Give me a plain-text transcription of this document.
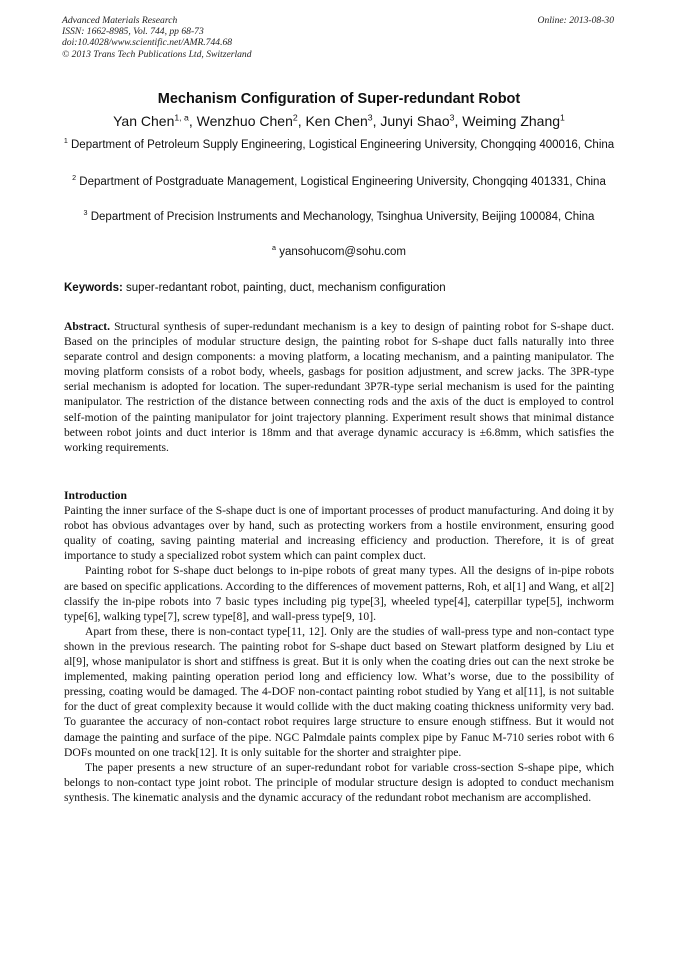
Advanced Materials Research
ISSN: 1662-8985, Vol. 744, pp 68-73
doi:10.4028/www.scientific.net/AMR.744.68
© 2013 Trans Tech Publications Ltd, Switzerland
Online: 2013-08-30
Mechanism Configuration of Super-redundant Robot
Yan Chen$^{1, a}$, Wenzhuo Chen$^2$, Ken Chen$^3$, Junyi Shao$^3$, Weiming Zhang$^1$
$^1$ Department of Petroleum Supply Engineering, Logistical Engineering University, Chongqing 400016, China
$^2$ Department of Postgraduate Management, Logistical Engineering University, Chongqing 401331, China
$^3$ Department of Precision Instruments and Mechanology, Tsinghua University, Beijing 100084, China
$^a$ yansohucom@sohu.com
Keywords: super-redantant robot, painting, duct, mechanism configuration

Abstract. Structural synthesis of super-redundant mechanism is a key to design of painting robot for S-shape duct. Based on the principles of modular structure design, the painting robot for S-shape duct falls naturally into three separate control and design components: a moving platform, a locating mechanism, and a painting manipulator. The moving platform consists of a robot body, wheels, gasbags for position adjustment, and screw jacks. The 3PR-type serial mechanism is adopted for location. The super-redundant 3P7R-type serial mechanism is used for the painting manipulator. The restriction of the distance between connecting rods and the axis of the duct is employed to control self-motion of the painting manipulator for joint trajectory planning. Experiment result shows that minimal distance between robot joints and duct interior is 18mm and that average dynamic accuracy is ±6.8mm, which satisfies the working requirements.

Introduction

Painting the inner surface of the S-shape duct is one of important processes of product manufacturing. And doing it by robot has obvious advantages over by hand, such as protecting workers from a hostile environment, ensuring good quality of coating, saving painting material and increasing efficiency and production. Therefore, it is of great importance to study a specialized robot system which can paint complex duct.

Painting robot for S-shape duct belongs to in-pipe robots of great many types. All the designs of in-pipe robots are based on specific applications. According to the differences of movement patterns, Roh, et al[1] and Wang, et al[2] classify the in-pipe robots into 7 basic types including pig type[3], wheeled type[4], caterpillar type[5], inchworm type[6], walking type[7], screw type[8], and wall-press type[9, 10].

Apart from these, there is non-contact type[11, 12]. Only are the studies of wall-press type and non-contact type shown in the previous research. The painting robot for S-shape duct based on Stewart platform designed by Liu et al[9], whose manipulator is short and stiffness is great. But it is only when the coating dries out can the next stroke be implemented, making painting operation period long and efficiency low. What’s worse, due to the possibility of pressing, coating would be damaged. The 4-DOF non-contact painting robot studied by Yang et al[11], is not suitable for the duct of great complexity because it would collide with the duct making coating thickness uniformity very bad. To guarantee the accuracy of non-contact robot requires large structure to ensure enough stiffness. But it would not damage the painting and surface of the pipe. NGC Palmdale paints complex pipe by Fanuc M-710 series robot with 6 DOFs mounted on one track[12]. It is only suitable for the shorter and straighter pipe.

The paper presents a new structure of an super-redundant robot for variable cross-section S-shape pipe, which belongs to non-contact type joint robot. The principle of modular structure design is adopted to conduct mechanism synthesis. The kinematic analysis and the dynamic accuracy of the redundant robot mechanism are accomplished.
